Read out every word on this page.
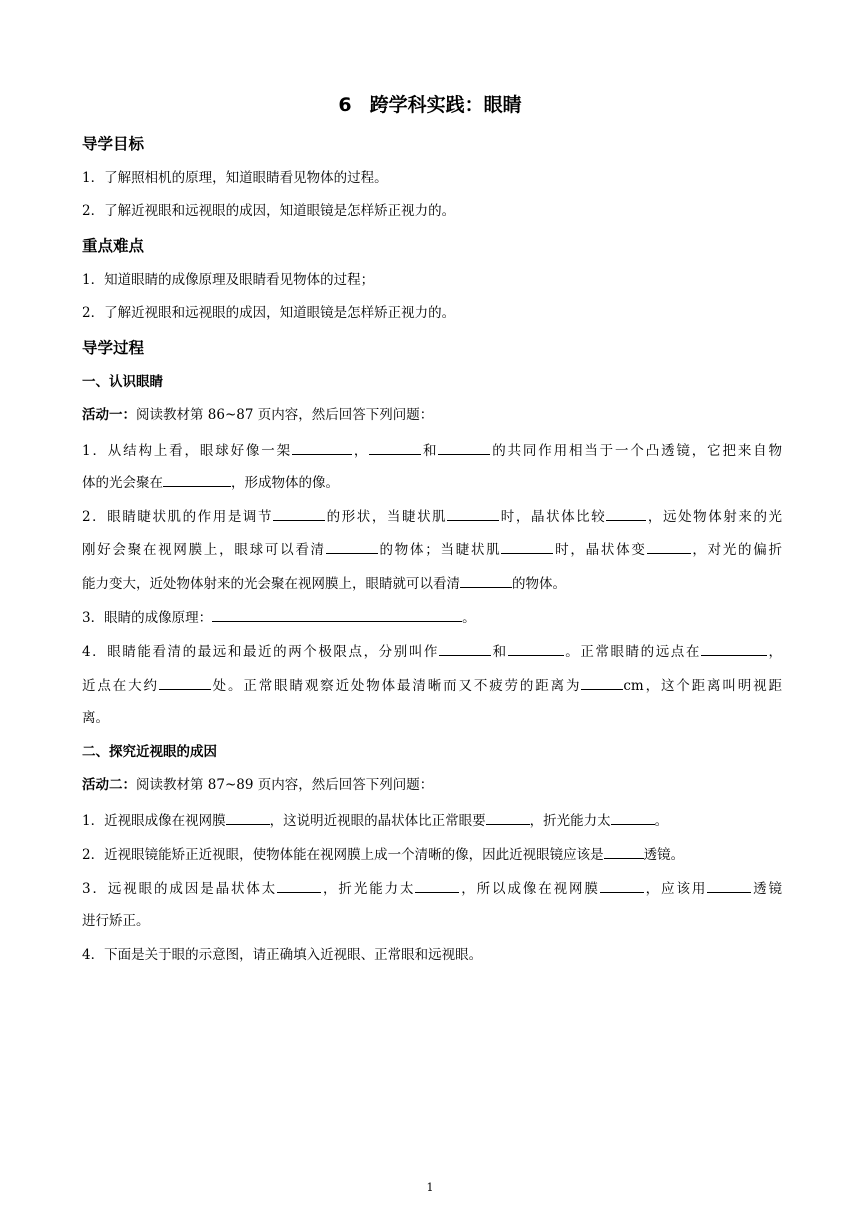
6 跨学科实践：眼睛
导学目标
1．了解照相机的原理，知道眼睛看见物体的过程。
2．了解近视眼和远视眼的成因，知道眼镜是怎样矫正视力的。
重点难点
1．知道眼睛的成像原理及眼睛看见物体的过程；
2．了解近视眼和远视眼的成因，知道眼镜是怎样矫正视力的。
导学过程
一、认识眼睛
活动一：阅读教材第 86~87 页内容，然后回答下列问题：
1．从结构上看，眼球好像一架	，	和	的共同作用相当于一个凸透镜，它把来自物
体的光会聚在	，形成物体的像。
2．眼睛睫状肌的作用是调节	的形状，当睫状肌	时，晶状体比较	，远处物体射来的光
刚好会聚在视网膜上，眼球可以看清	的物体；当睫状肌	时，晶状体变	，对光的偏折
能力变大，近处物体射来的光会聚在视网膜上，眼睛就可以看清	的物体。
3．眼睛的成像原理：	。
4．眼睛能看清的最远和最近的两个极限点，分别叫作	和	。正常眼睛的远点在	，
近点在大约	处。正常眼睛观察近处物体最清晰而又不疲劳的距离为	cm，这个距离叫明视距
离。
二、探究近视眼的成因
活动二：阅读教材第 87~89 页内容，然后回答下列问题：
1．近视眼成像在视网膜	，这说明近视眼的晶状体比正常眼要	，折光能力太	。
2．近视眼镜能矫正近视眼，使物体能在视网膜上成一个清晰的像，因此近视眼镜应该是	透镜。
3．远视眼的成因是晶状体太	，折光能力太	，所以成像在视网膜	，应该用	透镜
进行矫正。
4．下面是关于眼的示意图，请正确填入近视眼、正常眼和远视眼。
1
